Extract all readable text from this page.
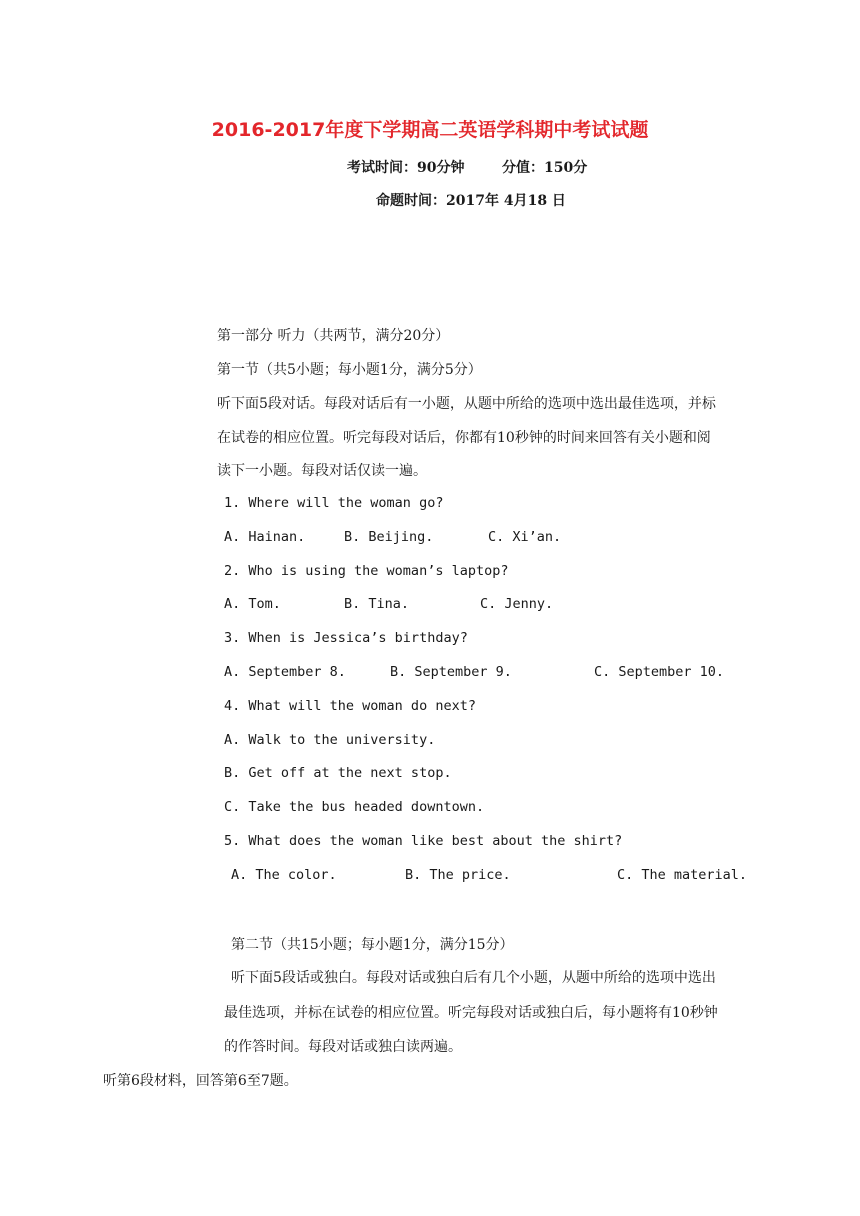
2016-2017年度下学期高二英语学科期中考试试题
考试时间：90分钟	分值：150分
命题时间：2017年 4月18 日
第一部分 听力（共两节，满分20分）
第一节（共5小题；每小题1分，满分5分）
听下面5段对话。每段对话后有一小题，从题中所给的选项中选出最佳选项，并标
在试卷的相应位置。听完每段对话后，你都有10秒钟的时间来回答有关小题和阅
读下一小题。每段对话仅读一遍。
1. Where will the woman go?
A. Hainan.	B. Beijing.	C. Xi’an.
2. Who is using the woman’s laptop?
A. Tom.	B. Tina.	C. Jenny.
3. When is Jessica’s birthday?
A. September 8.	B. September 9.	C. September 10.
4. What will the woman do next?
A. Walk to the university.
B. Get off at the next stop.
C. Take the bus headed downtown.
5. What does the woman like best about the shirt?
A. The color.	B. The price.	C. The material.
第二节（共15小题；每小题1分，满分15分）
听下面5段话或独白。每段对话或独白后有几个小题，从题中所给的选项中选出
最佳选项，并标在试卷的相应位置。听完每段对话或独白后，每小题将有10秒钟
的作答时间。每段对话或独白读两遍。
听第6段材料，回答第6至7题。
